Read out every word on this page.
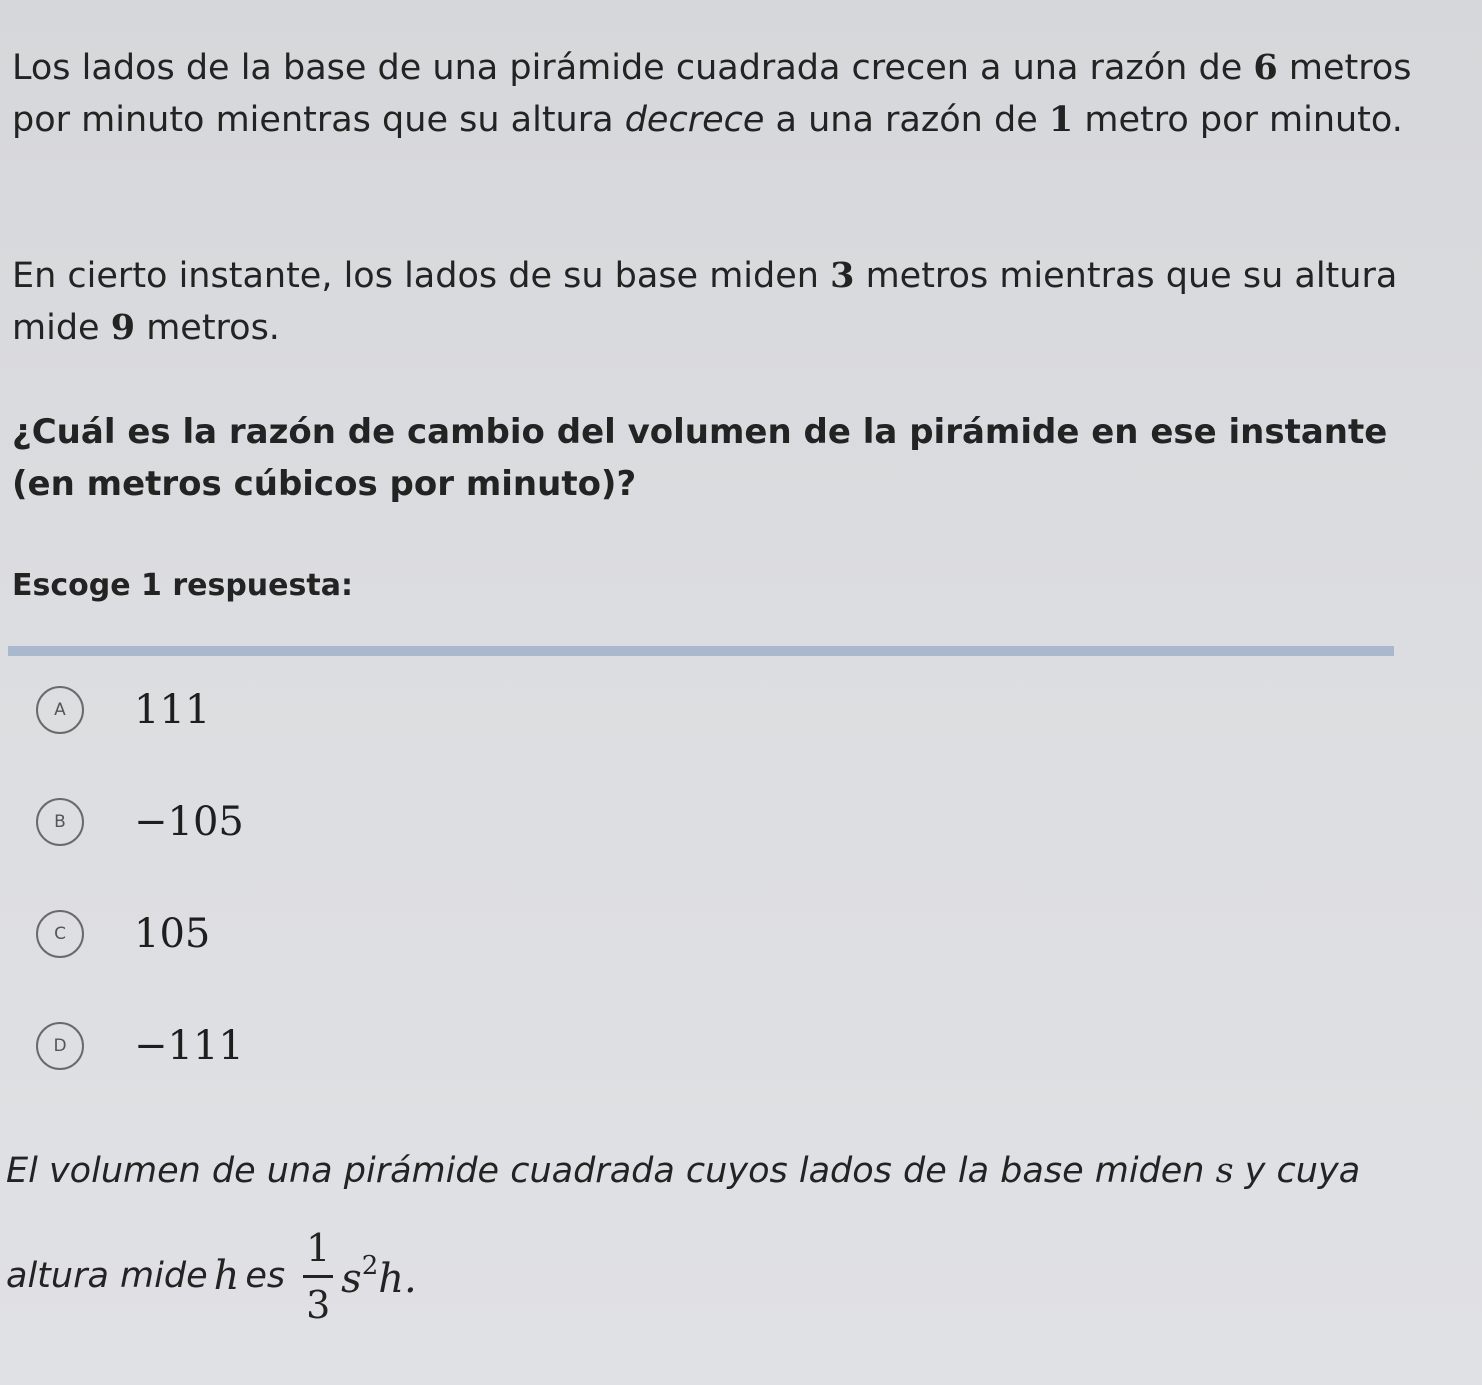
Los lados de la base de una pirámide cuadrada crecen a una razón de 6 metros por minuto mientras que su altura decrece a una razón de 1 metro por minuto.

En cierto instante, los lados de su base miden 3 metros mientras que su altura mide 9 metros.

¿Cuál es la razón de cambio del volumen de la pirámide en ese instante (en metros cúbicos por minuto)?

Escoge 1 respuesta:

A	111
B	−105
C	105
D	−111

El volumen de una pirámide cuadrada cuyos lados de la base miden s y cuya

altura mide h es $\frac{1}{3} s^2h$.
